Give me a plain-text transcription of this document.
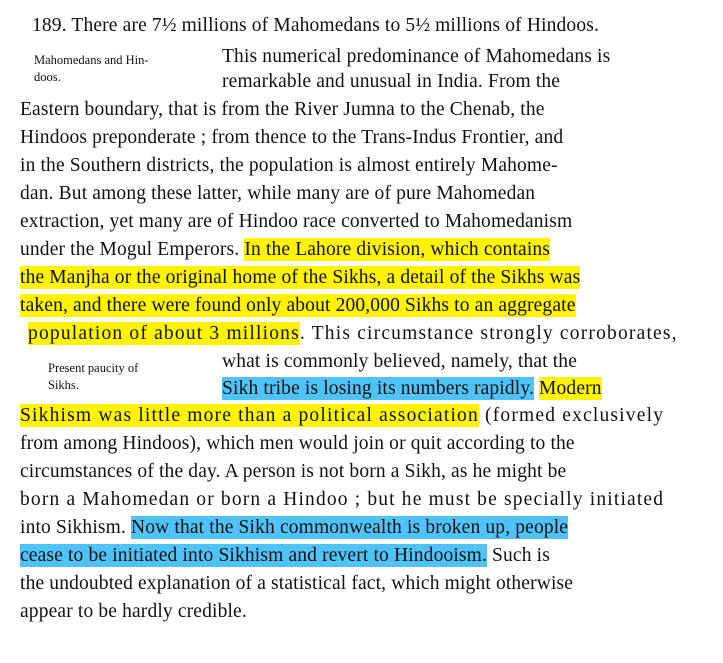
Mahomedans and Hin-
doos.
Present paucity of
Sikhs.
189. There are 7½ millions of Mahomedans to 5½ millions of Hindoos.
This numerical predominance of Mahomedans is
remarkable and unusual in India. From the
Eastern boundary, that is from the River Jumna to the Chenab, the
Hindoos preponderate ; from thence to the Trans-Indus Frontier, and
in the Southern districts, the population is almost entirely Mahome-
dan. But among these latter, while many are of pure Mahomedan
extraction, yet many are of Hindoo race converted to Mahomedanism
under the Mogul Emperors. In the Lahore division, which contains
the Manjha or the original home of the Sikhs, a detail of the Sikhs was
taken, and there were found only about 200,000 Sikhs to an aggregate
population of about 3 millions. This circumstance strongly corroborates,
what is commonly believed, namely, that the
Sikh tribe is losing its numbers rapidly. Modern
Sikhism was little more than a political association (formed exclusively
from among Hindoos), which men would join or quit according to the
circumstances of the day. A person is not born a Sikh, as he might be
born a Mahomedan or born a Hindoo ; but he must be specially initiated
into Sikhism. Now that the Sikh commonwealth is broken up, people
cease to be initiated into Sikhism and revert to Hindooism. Such is
the undoubted explanation of a statistical fact, which might otherwise
appear to be hardly credible.
